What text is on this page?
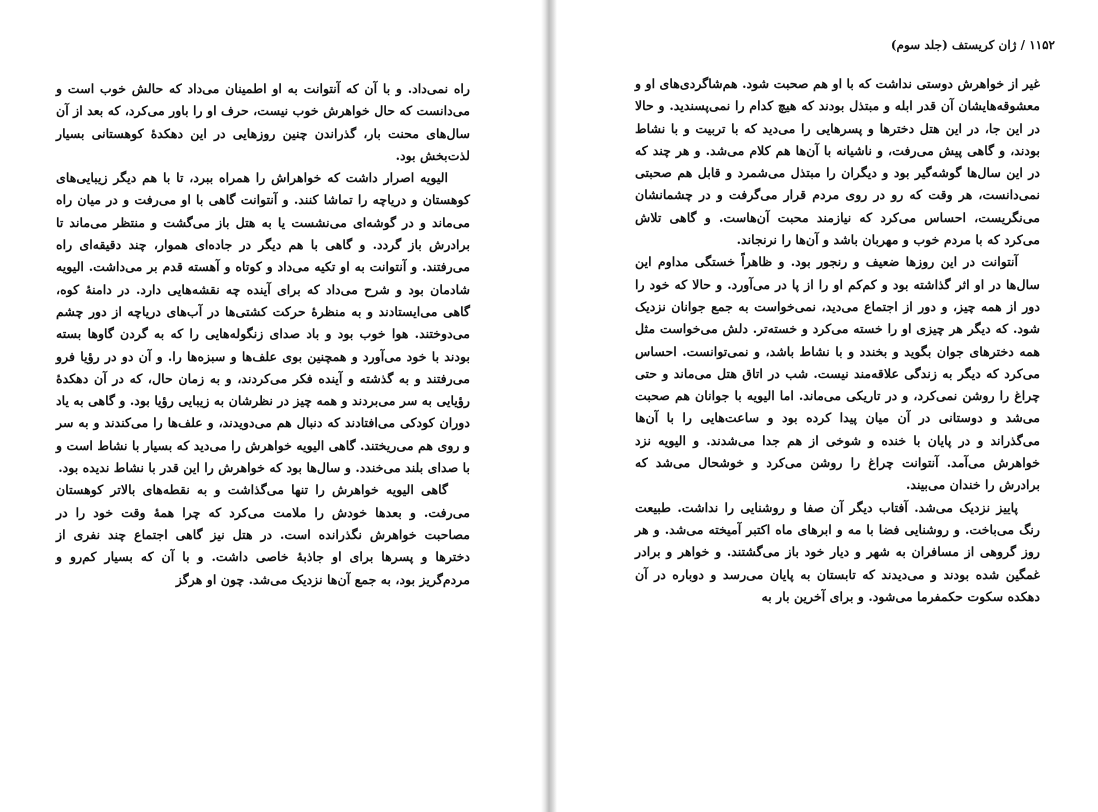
راه نمی‌داد. و با آن که آنتوانت به او اطمینان می‌داد که حالش خوب است و می‌دانست که حال خواهرش خوب نیست، حرف او را باور می‌کرد، که بعد از آن سال‌های محنت بار، گذراندن چنین روزهایی در این دهکدهٔ کوهستانی بسیار لذت‌بخش بود.

الیویه اصرار داشت که خواهراش را همراه ببرد، تا با هم دیگر زیبایی‌های کوهستان و دریاچه را تماشا کنند. و آنتوانت گاهی با او می‌رفت و در میان راه می‌ماند و در گوشه‌ای می‌نشست یا به هتل باز می‌گشت و منتظر می‌ماند تا برادرش باز گردد. و گاهی با هم دیگر در جاده‌ای هموار، چند دقیقه‌ای راه می‌رفتند. و آنتوانت به او تکیه می‌داد و کوتاه و آهسته قدم بر می‌داشت. الیویه شادمان بود و شرح می‌داد که برای آینده چه نقشه‌هایی دارد. در دامنهٔ کوه، گاهی می‌ایستادند و به منظرهٔ حرکت کشتی‌ها در آب‌های دریاچه از دور چشم می‌دوختند. هوا خوب بود و باد صدای زنگوله‌هایی را که به گردن گاوها بسته بودند با خود می‌آورد و همچنین بوی علف‌ها و سبزه‌ها را. و آن دو در رؤیا فرو می‌رفتند و به گذشته و آینده فکر می‌کردند، و به زمان حال، که در آن دهکدهٔ رؤیایی به سر می‌بردند و همه چیز در نظرشان به زیبایی رؤیا بود. و گاهی به یاد دوران کودکی می‌افتادند که دنبال هم می‌دویدند، و علف‌ها را می‌کندند و به سر و روی هم می‌ریختند. گاهی الیویه خواهرش را می‌دید که بسیار با نشاط است و با صدای بلند می‌خندد. و سال‌ها بود که خواهرش را این قدر با نشاط ندیده بود.

گاهی الیویه خواهرش را تنها می‌گذاشت و به نقطه‌های بالاتر کوهستان می‌رفت. و بعدها خودش را ملامت می‌کرد که چرا همهٔ وقت خود را در مصاحبت خواهرش نگذرانده است. در هتل نیز گاهی اجتماع چند نفری از دخترها و پسرها برای او جاذبهٔ خاصی داشت. و با آن که بسیار کم‌رو و مردم‌گریز بود، به جمع آن‌ها نزدیک می‌شد. چون او هرگز

۱۱۵۲ / ژان کریستف (جلد سوم)

غیر از خواهرش دوستی نداشت که با او هم صحبت شود. هم‌شاگردی‌های او و معشوقه‌هایشان آن قدر ابله و مبتذل بودند که هیچ کدام را نمی‌پسندید. و حالا در این جا، در این هتل دخترها و پسرهایی را می‌دید که با تربیت و با نشاط بودند، و گاهی پیش می‌رفت، و ناشیانه با آن‌ها هم کلام می‌شد. و هر چند که در این سال‌ها گوشه‌گیر بود و دیگران را مبتذل می‌شمرد و قابل هم صحبتی نمی‌دانست، هر وقت که رو در روی مردم قرار می‌گرفت و در چشمانشان می‌نگریست، احساس می‌کرد که نیازمند محبت آن‌هاست. و گاهی تلاش می‌کرد که با مردم خوب و مهربان باشد و آن‌ها را نرنجاند.

آنتوانت در این روزها ضعیف و رنجور بود. و ظاهراً خستگی مداوم این سال‌ها در او اثر گذاشته بود و کم‌کم او را از پا در می‌آورد. و حالا که خود را دور از همه چیز، و دور از اجتماع می‌دید، نمی‌خواست به جمع جوانان نزدیک شود. که دیگر هر چیزی او را خسته می‌کرد و خسته‌تر. دلش می‌خواست مثل همه دخترهای جوان بگوید و بخندد و با نشاط باشد، و نمی‌توانست. احساس می‌کرد که دیگر به زندگی علاقه‌مند نیست. شب در اتاق هتل می‌ماند و حتی چراغ را روشن نمی‌کرد، و در تاریکی می‌ماند. اما الیویه با جوانان هم صحبت می‌شد و دوستانی در آن میان پیدا کرده بود و ساعت‌هایی را با آن‌ها می‌گذراند و در پایان با خنده و شوخی از هم جدا می‌شدند. و الیویه نزد خواهرش می‌آمد. آنتوانت چراغ را روشن می‌کرد و خوشحال می‌شد که برادرش را خندان می‌بیند.

پاییز نزدیک می‌شد. آفتاب دیگر آن صفا و روشنایی را نداشت. طبیعت رنگ می‌باخت. و روشنایی فضا با مه و ابرهای ماه اکتبر آمیخته می‌شد. و هر روز گروهی از مسافران به شهر و دیار خود باز می‌گشتند. و خواهر و برادر غمگین شده بودند و می‌دیدند که تابستان به پایان می‌رسد و دوباره در آن دهکده سکوت حکمفرما می‌شود. و برای آخرین بار به
